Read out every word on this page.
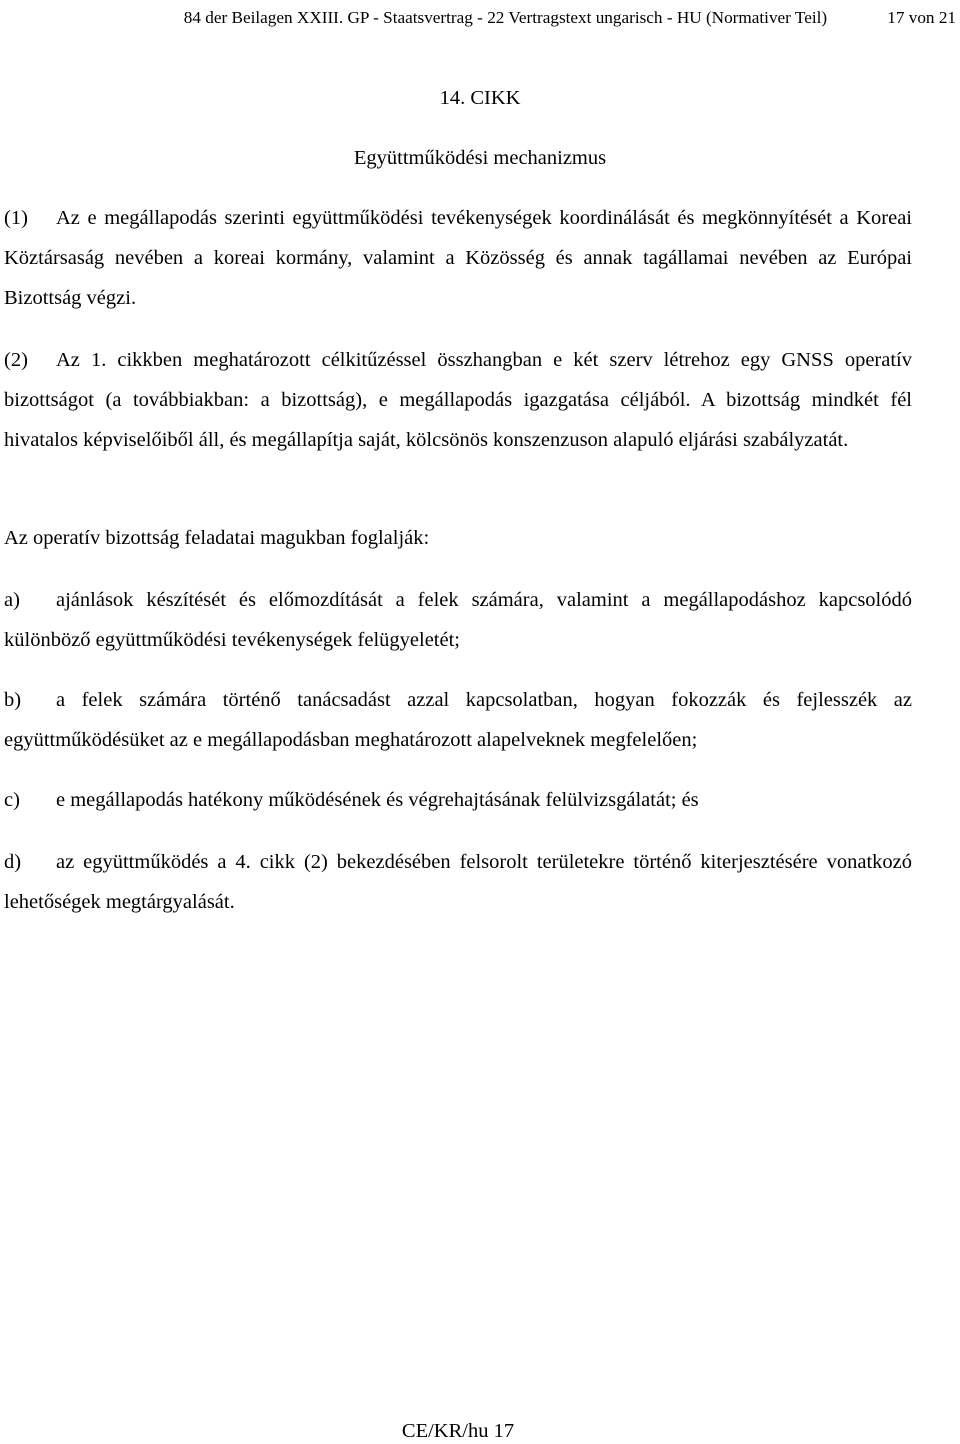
84 der Beilagen XXIII. GP - Staatsvertrag - 22 Vertragstext ungarisch - HU (Normativer Teil)	17 von 21
14. CIKK
Együttműködési mechanizmus

(1) Az e megállapodás szerinti együttműködési tevékenységek koordinálását és megkönnyítését a Koreai Köztársaság nevében a koreai kormány, valamint a Közösség és annak tagállamai nevében az Európai Bizottság végzi.

(2) Az 1. cikkben meghatározott célkitűzéssel összhangban e két szerv létrehoz egy GNSS operatív bizottságot (a továbbiakban: a bizottság), e megállapodás igazgatása céljából. A bizottság mindkét fél hivatalos képviselőiből áll, és megállapítja saját, kölcsönös konszenzuson alapuló eljárási szabályzatát.

Az operatív bizottság feladatai magukban foglalják:

a) ajánlások készítését és előmozdítását a felek számára, valamint a megállapodáshoz kapcsolódó különböző együttműködési tevékenységek felügyeletét;

b) a felek számára történő tanácsadást azzal kapcsolatban, hogyan fokozzák és fejlesszék az együttműködésüket az e megállapodásban meghatározott alapelveknek megfelelően;

c) e megállapodás hatékony működésének és végrehajtásának felülvizsgálatát; és

d) az együttműködés a 4. cikk (2) bekezdésében felsorolt területekre történő kiterjesztésére vonatkozó lehetőségek megtárgyalását.

CE/KR/hu 17
